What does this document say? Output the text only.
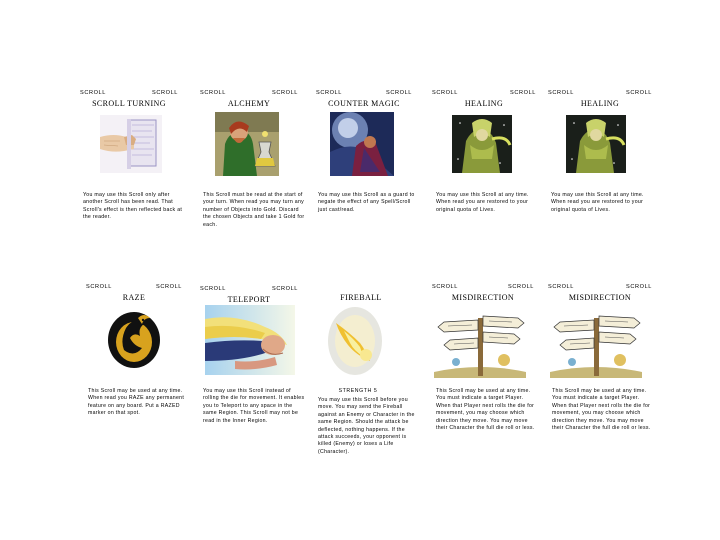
SCROLL	SCROLL
SCROLL TURNING
You may use this Scroll only after another Scroll has been read. That Scroll's effect is then reflected back at the reader.
SCROLL	SCROLL
ALCHEMY
This Scroll must be read at the start of your turn. When read you may turn any number of Objects into Gold. Discard the chosen Objects and take 1 Gold for each.
SCROLL	SCROLL
COUNTER MAGIC
You may use this Scroll as a guard to negate the effect of any Spell/Scroll just cast/read.
SCROLL	SCROLL
HEALING
You may use this Scroll at any time. When read you are restored to your original quota of Lives.
SCROLL	SCROLL
HEALING
You may use this Scroll at any time. When read you are restored to your original quota of Lives.
SCROLL	SCROLL
RAZE
This Scroll may be used at any time. When read you RAZE any permanent feature on any board. Put a RAZED marker on that spot.
SCROLL	SCROLL
TELEPORT
You may use this Scroll instead of rolling the die for movement. It enables you to Teleport to any space in the same Region. This Scroll may not be read in the Inner Region.
FIREBALL
STRENGTH 5
You may use this Scroll before you move. You may send the Fireball against an Enemy or Character in the same Region. Should the attack be deflected, nothing happens. If the attack succeeds, your opponent is killed (Enemy) or loses a Life (Character).
SCROLL	SCROLL
MISDIRECTION
This Scroll may be used at any time. You must indicate a target Player. When that Player next rolls the die for movement, you may choose which direction they move. You may move their Character the full die roll or less.
SCROLL	SCROLL
MISDIRECTION
This Scroll may be used at any time. You must indicate a target Player. When that Player next rolls the die for movement, you may choose which direction they move. You may move their Character the full die roll or less.
